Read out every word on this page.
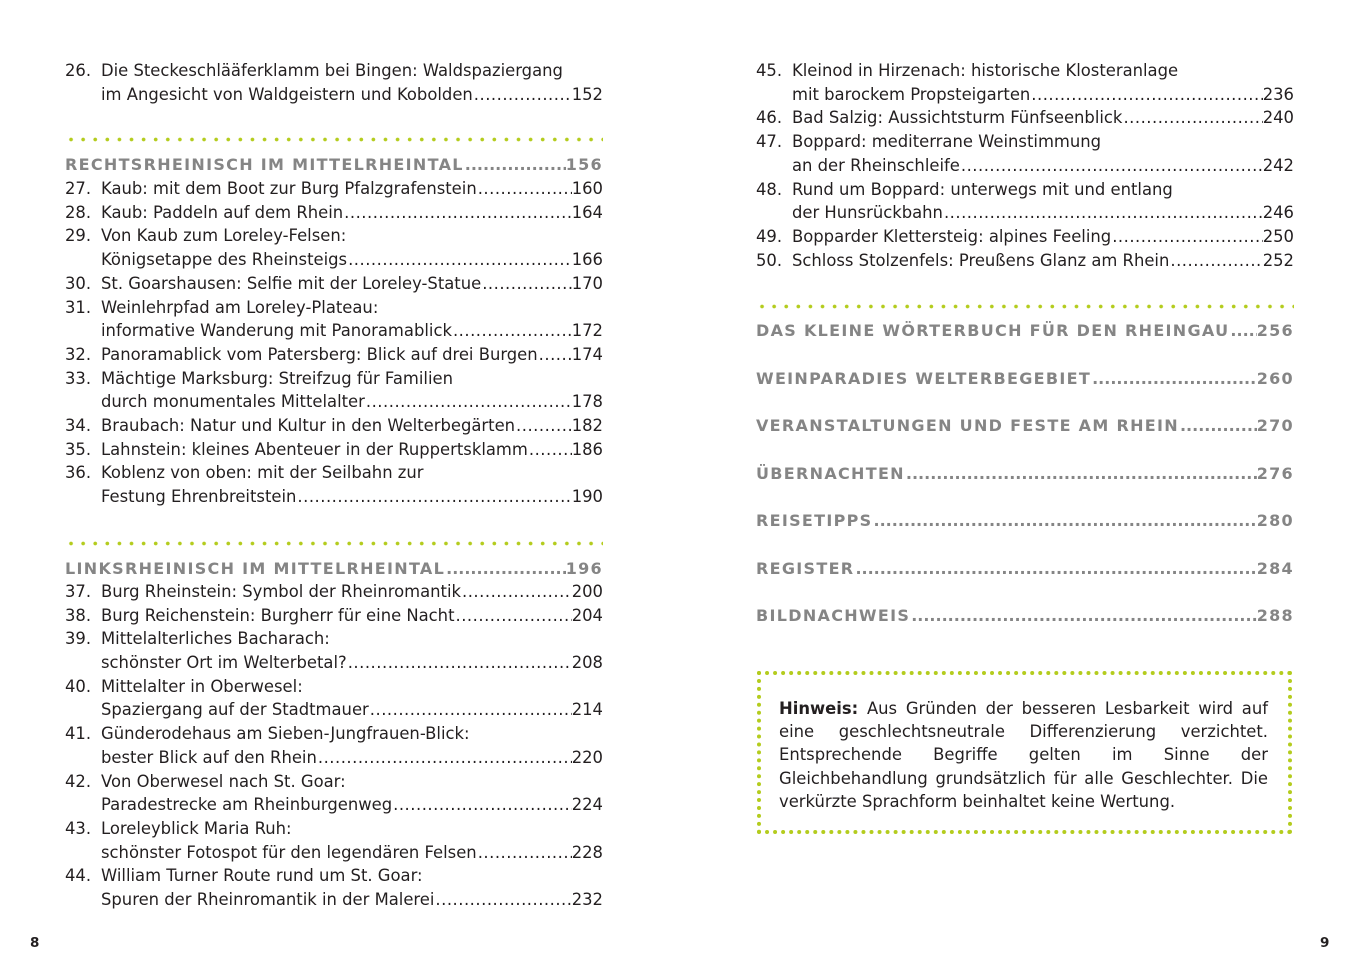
26. Die Steckeschlääferklamm bei Bingen: Waldspaziergang
im Angesicht von Waldgeistern und Kobolden .....	152
RECHTSRHEINISCH IM MITTELRHEINTAL .....	156
27. Kaub: mit dem Boot zur Burg Pfalzgrafenstein .....	160
28. Kaub: Paddeln auf dem Rhein .....	164
29. Von Kaub zum Loreley-Felsen:
Königsetappe des Rheinsteigs .....	166
30. St. Goarshausen: Selfie mit der Loreley-Statue .....	170
31. Weinlehrpfad am Loreley-Plateau:
informative Wanderung mit Panoramablick .....	172
32. Panoramablick vom Patersberg: Blick auf drei Burgen ..... 174
33. Mächtige Marksburg: Streifzug für Familien
durch monumentales Mittelalter .....	178
34. Braubach: Natur und Kultur in den Welterbegärten .....	182
35. Lahnstein: kleines Abenteuer in der Ruppertsklamm .....	186
36. Koblenz von oben: mit der Seilbahn zur
Festung Ehrenbreitstein .....	190
LINKSRHEINISCH IM MITTELRHEINTAL .....	196
37. Burg Rheinstein: Symbol der Rheinromantik .....	200
38. Burg Reichenstein: Burgherr für eine Nacht .....	204
39. Mittelalterliches Bacharach:
schönster Ort im Welterbetal? .....	208
40. Mittelalter in Oberwesel:
Spaziergang auf der Stadtmauer .....	214
41. Günderodehaus am Sieben-Jungfrauen-Blick:
bester Blick auf den Rhein .....	220
42. Von Oberwesel nach St. Goar:
Paradestrecke am Rheinburgenweg .....	224
43. Loreleyblick Maria Ruh:
schönster Fotospot für den legendären Felsen .....	228
44. William Turner Route rund um St. Goar:
Spuren der Rheinromantik in der Malerei .....	232
45. Kleinod in Hirzenach: historische Klosteranlage
mit barockem Propsteigarten .....	236
46. Bad Salzig: Aussichtsturm Fünfseenblick .....	240
47. Boppard: mediterrane Weinstimmung
an der Rheinschleife .....	242
48. Rund um Boppard: unterwegs mit und entlang
der Hunsrückbahn .....	246
49. Bopparder Klettersteig: alpines Feeling .....	250
50. Schloss Stolzenfels: Preußens Glanz am Rhein .....	252
DAS KLEINE WÖRTERBUCH FÜR DEN RHEINGAU ..... 256
WEINPARADIES WELTERBEGEBIET .....	260
VERANSTALTUNGEN UND FESTE AM RHEIN .....	270
ÜBERNACHTEN .....	276
REISETIPPS .....	280
REGISTER .....	284
BILDNACHWEIS .....	288
8	9
Hinweis: Aus Gründen der besseren Lesbarkeit wird auf eine geschlechtsneutrale Differenzierung verzichtet. Entsprechende Begriffe gelten im Sinne der Gleichbehandlung grundsätzlich für alle Geschlechter. Die verkürzte Sprachform beinhaltet keine Wertung.
